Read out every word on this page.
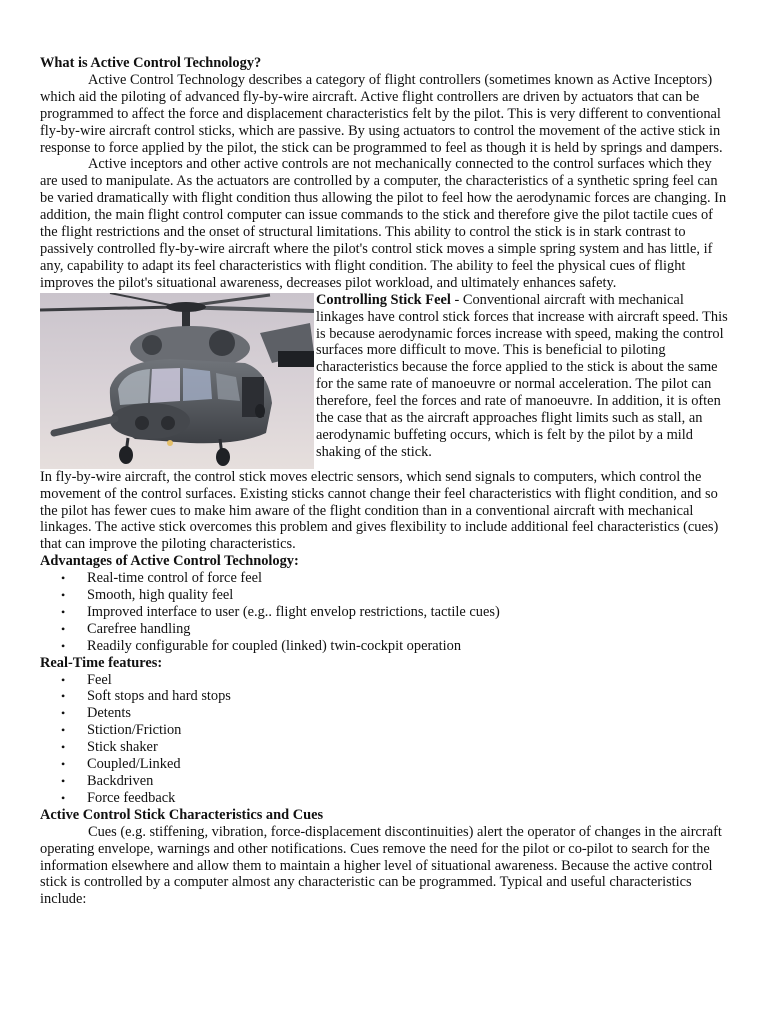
What is Active Control Technology?

Active Control Technology describes a category of flight controllers (sometimes known as Active Inceptors) which aid the piloting of advanced fly-by-wire aircraft. Active flight controllers are driven by actuators that can be programmed to affect the force and displacement characteristics felt by the pilot. This is very different to conventional fly-by-wire aircraft control sticks, which are passive. By using actuators to control the movement of the active stick in response to force applied by the pilot, the stick can be programmed to feel as though it is held by springs and dampers.

Active inceptors and other active controls are not mechanically connected to the control surfaces which they are used to manipulate. As the actuators are controlled by a computer, the characteristics of a synthetic spring feel can be varied dramatically with flight condition thus allowing the pilot to feel how the aerodynamic forces are changing. In addition, the main flight control computer can issue commands to the stick and therefore give the pilot tactile cues of the flight restrictions and the onset of structural limitations. This ability to control the stick is in stark contrast to passively controlled fly-by-wire aircraft where the pilot's control stick moves a simple spring system and has little, if any, capability to adapt its feel characteristics with flight condition. The ability to feel the physical cues of flight improves the pilot's situational awareness, decreases pilot workload, and ultimately enhances safety.

Controlling Stick Feel - Conventional aircraft with mechanical linkages have control stick forces that increase with aircraft speed. This is because aerodynamic forces increase with speed, making the control surfaces more difficult to move. This is beneficial to piloting characteristics because the force applied to the stick is about the same for the same rate of manoeuvre or normal acceleration. The pilot can therefore, feel the forces and rate of manoeuvre. In addition, it is often the case that as the aircraft approaches flight limits such as stall, an aerodynamic buffeting occurs, which is felt by the pilot by a mild shaking of the stick.

In fly-by-wire aircraft, the control stick moves electric sensors, which send signals to computers, which control the movement of the control surfaces. Existing sticks cannot change their feel characteristics with flight condition, and so the pilot has fewer cues to make him aware of the flight condition than in a conventional aircraft with mechanical linkages. The active stick overcomes this problem and gives flexibility to include additional feel characteristics (cues) that can improve the piloting characteristics.

Advantages of Active Control Technology:
• Real-time control of force feel
• Smooth, high quality feel
• Improved interface to user (e.g.. flight envelop restrictions, tactile cues)
• Carefree handling
• Readily configurable for coupled (linked) twin-cockpit operation
Real-Time features:
• Feel
• Soft stops and hard stops
• Detents
• Stiction/Friction
• Stick shaker
• Coupled/Linked
• Backdriven
• Force feedback
Active Control Stick Characteristics and Cues

Cues (e.g. stiffening, vibration, force-displacement discontinuities) alert the operator of changes in the aircraft operating envelope, warnings and other notifications. Cues remove the need for the pilot or co-pilot to search for the information elsewhere and allow them to maintain a higher level of situational awareness. Because the active control stick is controlled by a computer almost any characteristic can be programmed. Typical and useful characteristics include:
